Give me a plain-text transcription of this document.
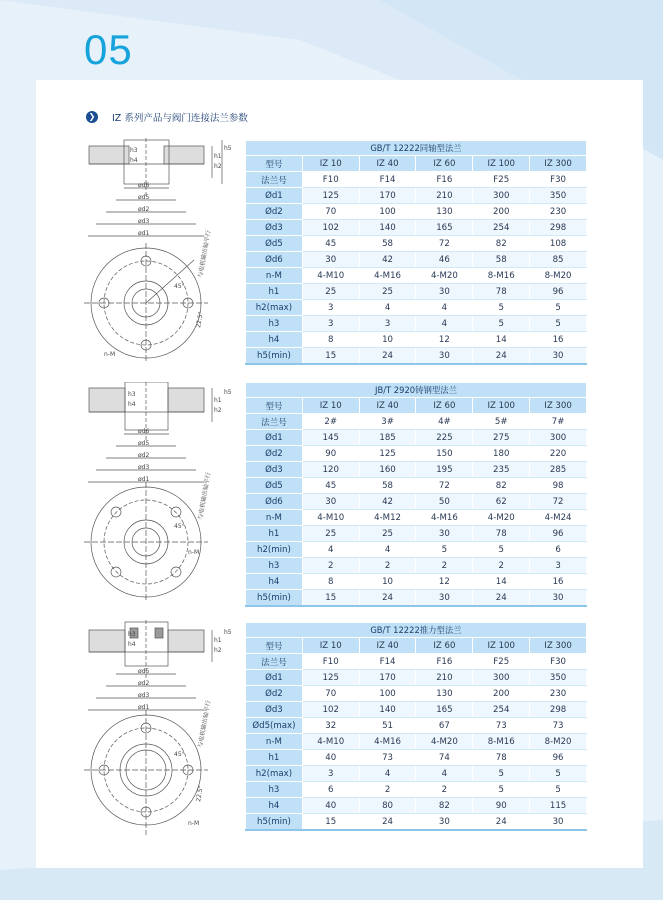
05
❯ IZ 系列产品与阀门连接法兰参数
ød6
ød5
ød2
ød3
ød1
h1
h2
h3
h4
h5
与电机输出轴平行
45°
22.5°
n-M
ød6
ød5
ød2
ød3
ød1
h1
h2
h3
h4
h5
与电机输出轴平行
45°
n-M
ød5
ød2
ød3
ød1
h1
h2
h3
h4
h5
与电机输出轴平行
45°
22.5°
n-M
GB/T 12222同轴型法兰					
型号	IZ 10	IZ 40	IZ 60	IZ 100	IZ 300
法兰号	F10	F14	F16	F25	F30
Ød1	125	170	210	300	350
Ød2	70	100	130	200	230
Ød3	102	140	165	254	298
Ød5	45	58	72	82	108
Ød6	30	42	46	58	85
n-M	4-M10	4-M16	4-M20	8-M16	8-M20
h1	25	25	30	78	96
h2(max)	3	4	4	5	5
h3	3	3	4	5	5
h4	8	10	12	14	16
h5(min)	15	24	30	24	30
JB/T 2920铸钢型法兰					
型号	IZ 10	IZ 40	IZ 60	IZ 100	IZ 300
法兰号	2#	3#	4#	5#	7#
Ød1	145	185	225	275	300
Ød2	90	125	150	180	220
Ød3	120	160	195	235	285
Ød5	45	58	72	82	98
Ød6	30	42	50	62	72
n-M	4-M10	4-M12	4-M16	4-M20	4-M24
h1	25	25	30	78	96
h2(min)	4	4	5	5	6
h3	2	2	2	2	3
h4	8	10	12	14	16
h5(min)	15	24	30	24	30
GB/T 12222推力型法兰					
型号	IZ 10	IZ 40	IZ 60	IZ 100	IZ 300
法兰号	F10	F14	F16	F25	F30
Ød1	125	170	210	300	350
Ød2	70	100	130	200	230
Ød3	102	140	165	254	298
Ød5(max)	32	51	67	73	73
n-M	4-M10	4-M16	4-M20	8-M16	8-M20
h1	40	73	74	78	96
h2(max)	3	4	4	5	5
h3	6	2	2	5	5
h4	40	80	82	90	115
h5(min)	15	24	30	24	30
